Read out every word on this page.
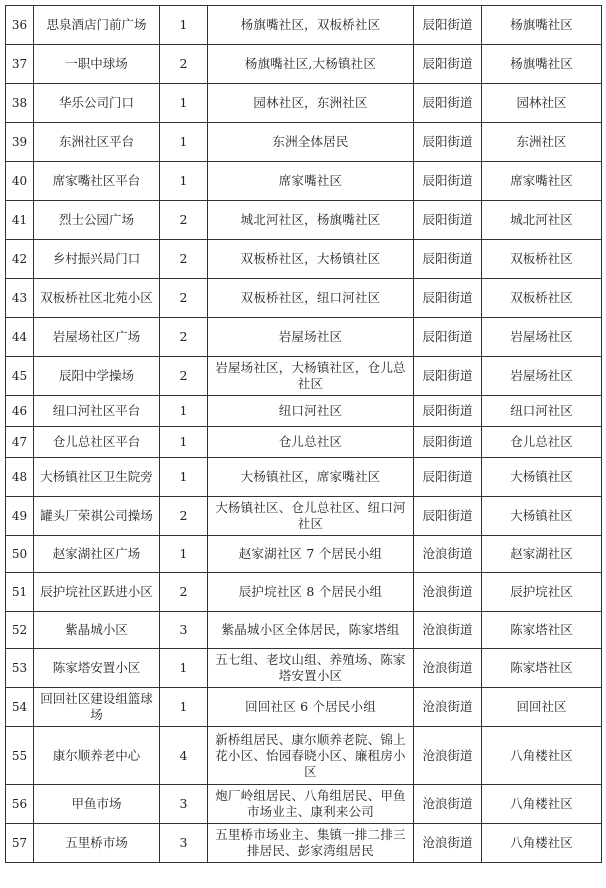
36	思泉酒店门前广场	1	杨旗嘴社区，双板桥社区	辰阳街道	杨旗嘴社区
37	一职中球场	2	杨旗嘴社区,大杨镇社区	辰阳街道	杨旗嘴社区
38	华乐公司门口	1	园林社区，东洲社区	辰阳街道	园林社区
39	东洲社区平台	1	东洲全体居民	辰阳街道	东洲社区
40	席家嘴社区平台	1	席家嘴社区	辰阳街道	席家嘴社区
41	烈士公园广场	2	城北河社区，杨旗嘴社区	辰阳街道	城北河社区
42	乡村振兴局门口	2	双板桥社区，大杨镇社区	辰阳街道	双板桥社区
43	双板桥社区北苑小区	2	双板桥社区，纽口河社区	辰阳街道	双板桥社区
44	岩屋场社区广场	2	岩屋场社区	辰阳街道	岩屋场社区
45	辰阳中学操场	2	岩屋场社区，大杨镇社区，仓儿总社区	辰阳街道	岩屋场社区
46	纽口河社区平台	1	纽口河社区	辰阳街道	纽口河社区
47	仓儿总社区平台	1	仓儿总社区	辰阳街道	仓儿总社区
48	大杨镇社区卫生院旁	1	大杨镇社区，席家嘴社区	辰阳街道	大杨镇社区
49	罐头厂荣祺公司操场	2	大杨镇社区、仓儿总社区、纽口河社区	辰阳街道	大杨镇社区
50	赵家湖社区广场	1	赵家湖社区 7 个居民小组	沧浪街道	赵家湖社区
51	辰护垸社区跃进小区	2	辰护垸社区 8 个居民小组	沧浪街道	辰护垸社区
52	紫晶城小区	3	紫晶城小区全体居民，陈家塔组	沧浪街道	陈家塔社区
53	陈家塔安置小区	1	五七组、老坟山组、养殖场、陈家塔安置小区	沧浪街道	陈家塔社区
54	回回社区建设组篮球场	1	回回社区 6 个居民小组	沧浪街道	回回社区
55	康尔顺养老中心	4	新桥组居民、康尔顺养老院、锦上花小区、怡园春晓小区、廉租房小区	沧浪街道	八角楼社区
56	甲鱼市场	3	炮厂岭组居民、八角组居民、甲鱼市场业主、康利来公司	沧浪街道	八角楼社区
57	五里桥市场	3	五里桥市场业主、集镇一排二排三排居民、彭家湾组居民	沧浪街道	八角楼社区
